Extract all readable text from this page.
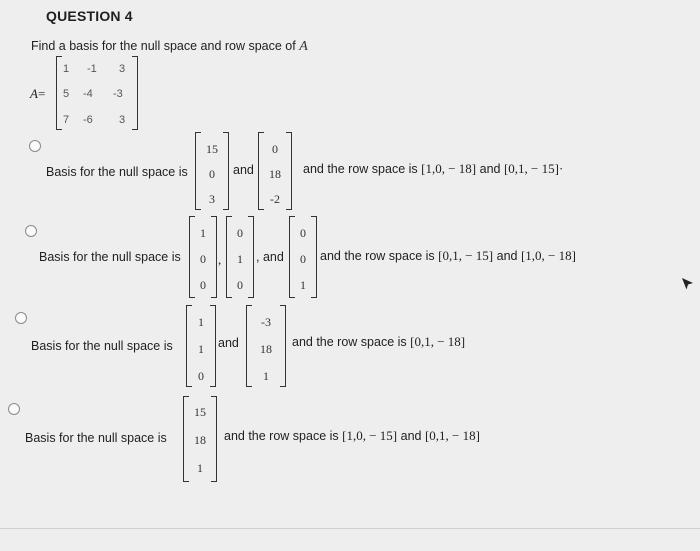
QUESTION 4
Find a basis for the null space and row space of A
A=
1	-1	3
5	-4	-3
7	-6	3
Basis for the null space is
15
0
3
and
0
18
-2
and the row space is [1,0, − 18] and [0,1, − 15]·
Basis for the null space is
1
0
0
,
0
1
0
, and
0
0
1
and the row space is [0,1, − 15] and [1,0, − 18]
Basis for the null space is
1
1
0
and
-3
18
1
and the row space is [0,1, − 18]
Basis for the null space is
15
18
1
and the row space is [1,0, − 15] and [0,1, − 18]
